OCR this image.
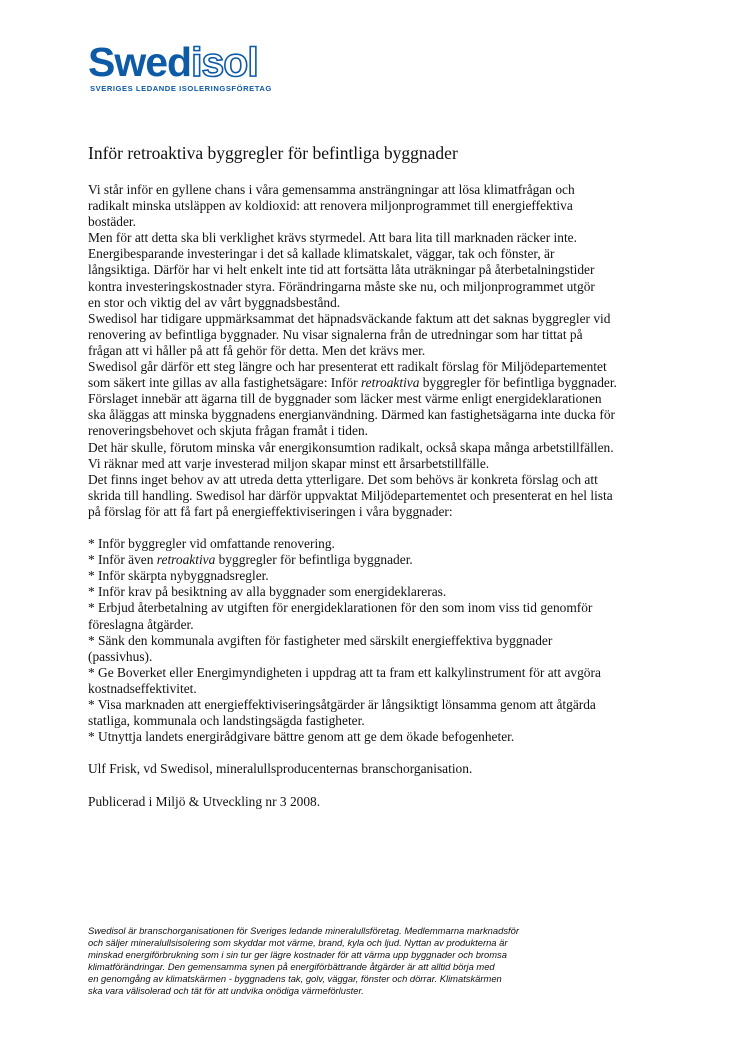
Swedisol
SVERIGES LEDANDE ISOLERINGSFÖRETAG
Inför retroaktiva byggregler för befintliga byggnader
Vi står inför en gyllene chans i våra gemensamma ansträngningar att lösa klimatfrågan och
radikalt minska utsläppen av koldioxid: att renovera miljonprogrammet till energieffektiva
bostäder.
Men för att detta ska bli verklighet krävs styrmedel. Att bara lita till marknaden räcker inte.
Energibesparande investeringar i det så kallade klimatskalet, väggar, tak och fönster, är
långsiktiga. Därför har vi helt enkelt inte tid att fortsätta låta uträkningar på återbetalningstider
kontra investeringskostnader styra. Förändringarna måste ske nu, och miljonprogrammet utgör
en stor och viktig del av vårt byggnadsbestånd.
Swedisol har tidigare uppmärksammat det häpnadsväckande faktum att det saknas byggregler vid
renovering av befintliga byggnader. Nu visar signalerna från de utredningar som har tittat på
frågan att vi håller på att få gehör för detta. Men det krävs mer.
Swedisol går därför ett steg längre och har presenterat ett radikalt förslag för Miljödepartementet
som säkert inte gillas av alla fastighetsägare: Inför retroaktiva byggregler för befintliga byggnader.
Förslaget innebär att ägarna till de byggnader som läcker mest värme enligt energideklarationen
ska åläggas att minska byggnadens energianvändning. Därmed kan fastighetsägarna inte ducka för
renoveringsbehovet och skjuta frågan framåt i tiden.
Det här skulle, förutom minska vår energikonsumtion radikalt, också skapa många arbetstillfällen.
Vi räknar med att varje investerad miljon skapar minst ett årsarbetstillfälle.
Det finns inget behov av att utreda detta ytterligare. Det som behövs är konkreta förslag och att
skrida till handling. Swedisol har därför uppvaktat Miljödepartementet och presenterat en hel lista
på förslag för att få fart på energieffektiviseringen i våra byggnader:
* Inför byggregler vid omfattande renovering.
* Inför även retroaktiva byggregler för befintliga byggnader.
* Inför skärpta nybyggnadsregler.
* Inför krav på besiktning av alla byggnader som energideklareras.
* Erbjud återbetalning av utgiften för energideklarationen för den som inom viss tid genomför
föreslagna åtgärder.
* Sänk den kommunala avgiften för fastigheter med särskilt energieffektiva byggnader
(passivhus).
* Ge Boverket eller Energimyndigheten i uppdrag att ta fram ett kalkylinstrument för att avgöra
kostnadseffektivitet.
* Visa marknaden att energieffektiviseringsåtgärder är långsiktigt lönsamma genom att åtgärda
statliga, kommunala och landstingsägda fastigheter.
* Utnyttja landets energirådgivare bättre genom att ge dem ökade befogenheter.
Ulf Frisk, vd Swedisol, mineralullsproducenternas branschorganisation.
Publicerad i Miljö & Utveckling nr 3 2008.
Swedisol är branschorganisationen för Sveriges ledande mineralullsföretag. Medlemmarna marknadsför
och säljer mineralullsisolering som skyddar mot värme, brand, kyla och ljud. Nyttan av produkterna är
minskad energiförbrukning som i sin tur ger lägre kostnader för att värma upp byggnader och bromsa
klimatförändringar. Den gemensamma synen på energiförbättrande åtgärder är att alltid börja med
en genomgång av klimatskärmen - byggnadens tak, golv, väggar, fönster och dörrar. Klimatskärmen
ska vara välisolerad och tät för att undvika onödiga värmeförluster.
